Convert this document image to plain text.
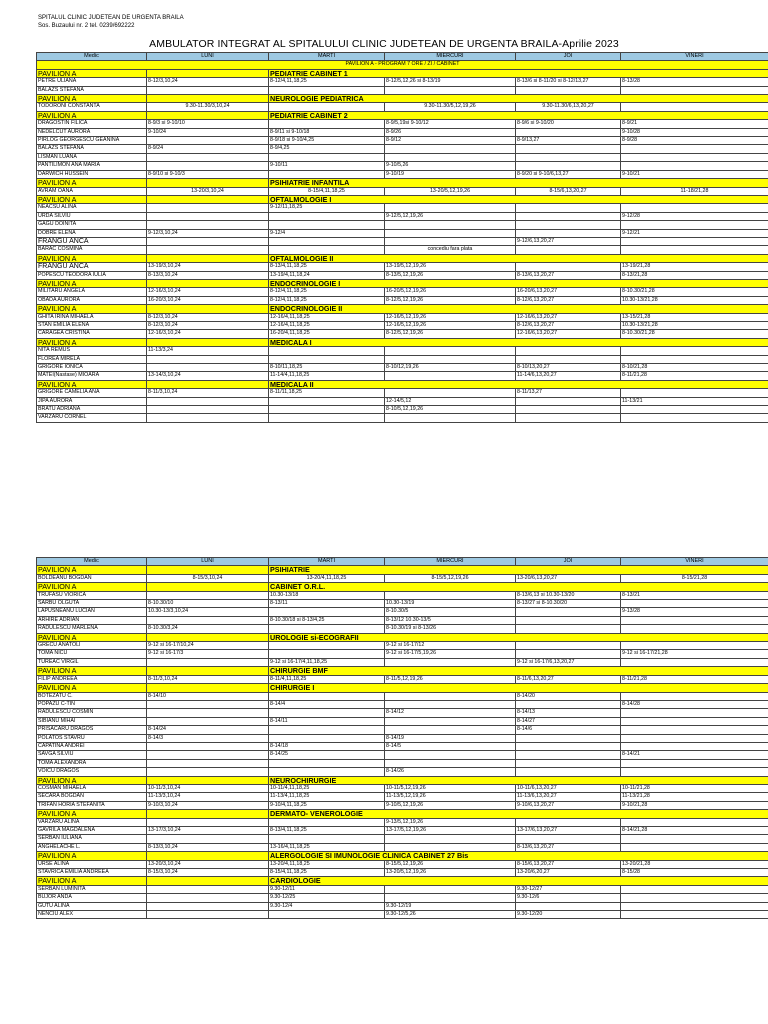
SPITALUL CLINIC JUDETEAN DE URGENTA BRAILA
Sos. Buzaului nr. 2 tel. 0239/692222
AMBULATOR INTEGRAT AL SPITALULUI CLINIC JUDETEAN DE URGENTA BRAILA-Aprilie 2023
Medic	LUNI	MARTI	MIERCURI	JOI	VINERI
PAVILION A - PROGRAM 7 ORE / ZI / CABINET					
PAVILION A		PEDIATRIE CABINET 1			
PETRE ULIANA	8-12/3,10,24	8-12/4,11,18,25	8-12/5,12,26 si 8-13/19	8-13/6 si 8-11/20 si 8-12/13,27	8-13/28
BALAZS STEFANA					
PAVILION A		NEUROLOGIE PEDIATRICA			
TODORONI CONSTANTA	9.30-11.30/3,10,24		9.30-11.30/5,12,19,26	9.30-11.30/6,13,20,27	
PAVILION A		PEDIATRIE CABINET 2			
DRAGOSTIN FILICA	8-9/3 si 9-10/10		8-9/5,19si 9-10/12	8-9/6 si 9-10/20	8-9/21
NEDELCUT AURORA	9-10/24	8-9/11 si 9-10/18	8-9/26		9-10/28
PIRLOG GEORGESCU GEANINA		8-9/18 si 9-10/4,25	8-9/12	8-9/13,27	8-9/28
BALAZS STEFANA	8-9/24	8-9/4,25			
LISMAN LUANA					
PANTILIMON ANA MARIA		9-10/11	9-10/5,26		
DARWICH HUSSEIN	8-9/10 si 9-10/3		9-10/19	8-9/20 si 9-10/6,13,27	9-10/21
PAVILION A		PSIHIATRIE INFANTILA			
AVRAM OANA	13-20/3,10,24	8-15/4,11,18,25	13-20/5,12,19,26	8-15/6,13,20,27	11-18/21,28
PAVILION A		OFTALMOLOGIE I			
NEACSU ALINA		9-12/11,18,25			
URDA SILVIU			9-12/5,12,19,26		9-12/28
GAGU DOINITA					
DOBRE ELENA	9-12/3,10,24	9-12/4			9-12/21
FRANGU ANCA				9-12/6,13,20,27	
BARAC COSMINA			concediu fara plata		
PAVILION A		OFTALMOLOGIE II			
FRANGU ANCA	13-19/3,10,24	8-13/4,11,18,25	13-19/5,12,19,26		13-19/21,28
POPESCU TEODORA IULIA	8-13/3,10,24	13-19/4,11,18,24	8-13/5,12,19,26	8-13/6,13,20,27	8-13/21,28
PAVILION A		ENDOCRINOLOGIE I			
MILITARU ANGELA	12-16/3,10,24	8-12/4,11,18,25	16-20/5,12,19,26	16-20/6,13,20,27	8-10.30/21,28
OBADA AURORA	16-20/3,10,24	8-12/4,11,18,25	8-12/5,12,19,26	8-12/6,13,20,27	10.30-13/21,28
PAVILION A		ENDOCRINOLOGIE II			
GHITA IRINA MIHAELA	8-12/3,10,24	12-16/4,11,18,25	12-16/5,12,19,26	12-16/6,13,20,27	13-15/21,28
STAN EMILIA ELENA	8-12/3,10,24	12-16/4,11,18,25	12-16/5,12,19,26	8-12/6,13,20,27	10.30-13/21,28
CARAGEA CRISTINA	12-16/3,10,24	16-20/4,11,18,25	8-12/5,12,19,26	12-16/6,13,20,27	8-10.30/21,28
PAVILION A		MEDICALA I			
NITA REMUS	11-13/3,24				
FLOREA MIRELA					
GRIGORE IONICA		8-10/11,18,25	8-10/12,19,26	8-10/13,20,27	8-10/21,28
MATEI(Nastase) MIOARA	13-14/3,10,24	11-14/4,11,18,25		11-14/6,13,20,27	8-11/21,28
PAVILION A		MEDICALA II			
GRIGORE CAMELIA ANA	8-11/3,10,24	8-11/11,18,25		8-11/13,27	
JIPA AURORA			12-14/5,12		11-13/21
BRATU ADRIANA			8-10/5,12,19,26		
VARZARU CORNEL					
Medic	LUNI	MARTI	MIERCURI	JOI	VINERI
PAVILION A		PSIHIATRIE			
BOLDEANU BOGDAN	8-15/3,10,24	13-20/4,11,18,25	8-15/5,12,19,26	13-20/6,13,20,27	8-15/21,28
PAVILION A		CABINET O.R.L.			
TRUFASU VIORICA		10.30-13/18		8-13/6,13 si 10.30-13/20	8-13/21
SARBU OLGUTA	8-10.30/10	8-13/11	10.30-13/19	8-13/27 si 8-10.30/20	
LAPUSNEANU LUCIAN	10.30-13/3,10,24		8-10.30/5		9-13/28
ARHIRE ADRIAN		8-10.30/18 si 8-13/4,25	8-13/12 10.30-13/5		
RADULESCU MARLENA	8-10.30/3,24		8-10.30/19 si 8-13/26		
PAVILION A		UROLOGIE si-ECOGRAFII			
GRECU ANATOLI	9-12 si 16-17/10,24		9-12 si 16-17/12		
TOMA NICU	9-12 si 16-17/3		9-12 si 16-17/5,19,26		9-12 si 16-17/21,28
TUREAC VIRGIL		9-12 si 16-17/4,11,18,25		9-12 si 16-17/6,13,20,27	
PAVILION A		CHIRURGIE BMF			
FILIP ANDREEA	8-11/3,10,24	8-11/4,11,18,25	8-11/5,12,19,26	8-11/6,13,20,27	8-11/21,28
PAVILION A		CHIRURGIE I			
BOTEZATU C.	8-14/10			8-14/20	
POPAZU C-TIN		8-14/4			8-14/28
RADULESCU COSMIN			8-14/12	8-14/13	
SIBIANU MIHAI		8-14/11		8-14/27	
PRISACARU DRAGOS	8-14/24			8-14/6	
POLATOS STAVRU	8-14/3		8-14/19		
CAPATINA ANDREI		8-14/18	8-14/5		
SAVGA SILVIU		8-14/25			8-14/21
TOMA ALEXANDRA					
VOICU DRAGOS			8-14/26		
PAVILION A		NEUROCHIRURGIE			
COSMAN MIHAELA	10-11/3,10,24	10-11/4,11,18,25	10-11/5,12,19,26	10-11/6,13,20,27	10-11/21,28
SECARA BOGDAN	11-13/3,10,24	11-13/4,11,18,25	11-13/5,12,19,26	11-13/6,13,20,27	11-13/21,28
TRIFAN HORIA STEFANITA	9-10/3,10,24	9-10/4,11,18,25	9-10/5,12,19,26	9-10/6,13,20,27	9-10/21,28
PAVILION A		DERMATO- VENEROLOGIE			
VARZARU ALINA			9-13/5,12,19,26		
GAVRILA MAGDALENA	13-17/3,10,24	8-13/4,11,18,25	13-17/5,12,19,26	13-17/6,13,20,27	8-14/21,28
SERBAN IULIANA					
ANGHELACHE L.	8-13/3,10,24	13-16/4,11,18,25		8-13/6,13,20,27	
PAVILION A		ALERGOLOGIE SI IMUNOLOGIE CLINICA CABINET 27 Bis			
URSE ALINA	13-20/3,10,24	13-20/4,11,18,25	8-15/5,12,19,26	8-15/6,13,20,27	13-20/21,28
STAVRICA EMILIA ANDREEA	8-15/3,10,24	8-15/4,11,18,25	13-20/5,12,19,26	13-20/6,20,27	8-15/28
PAVILION A		CARDIOLOGIE			
SERBAN LUMINITA		9.30-12/11		9.30-12/27	
BUJOR ANDA		9.30-12/25		9.30-12/6	
GUTU ALINA		9.30-12/4	9.30-12/19		
NENCIU ALEX			9.30-12/5,26	9.30-12/20	
